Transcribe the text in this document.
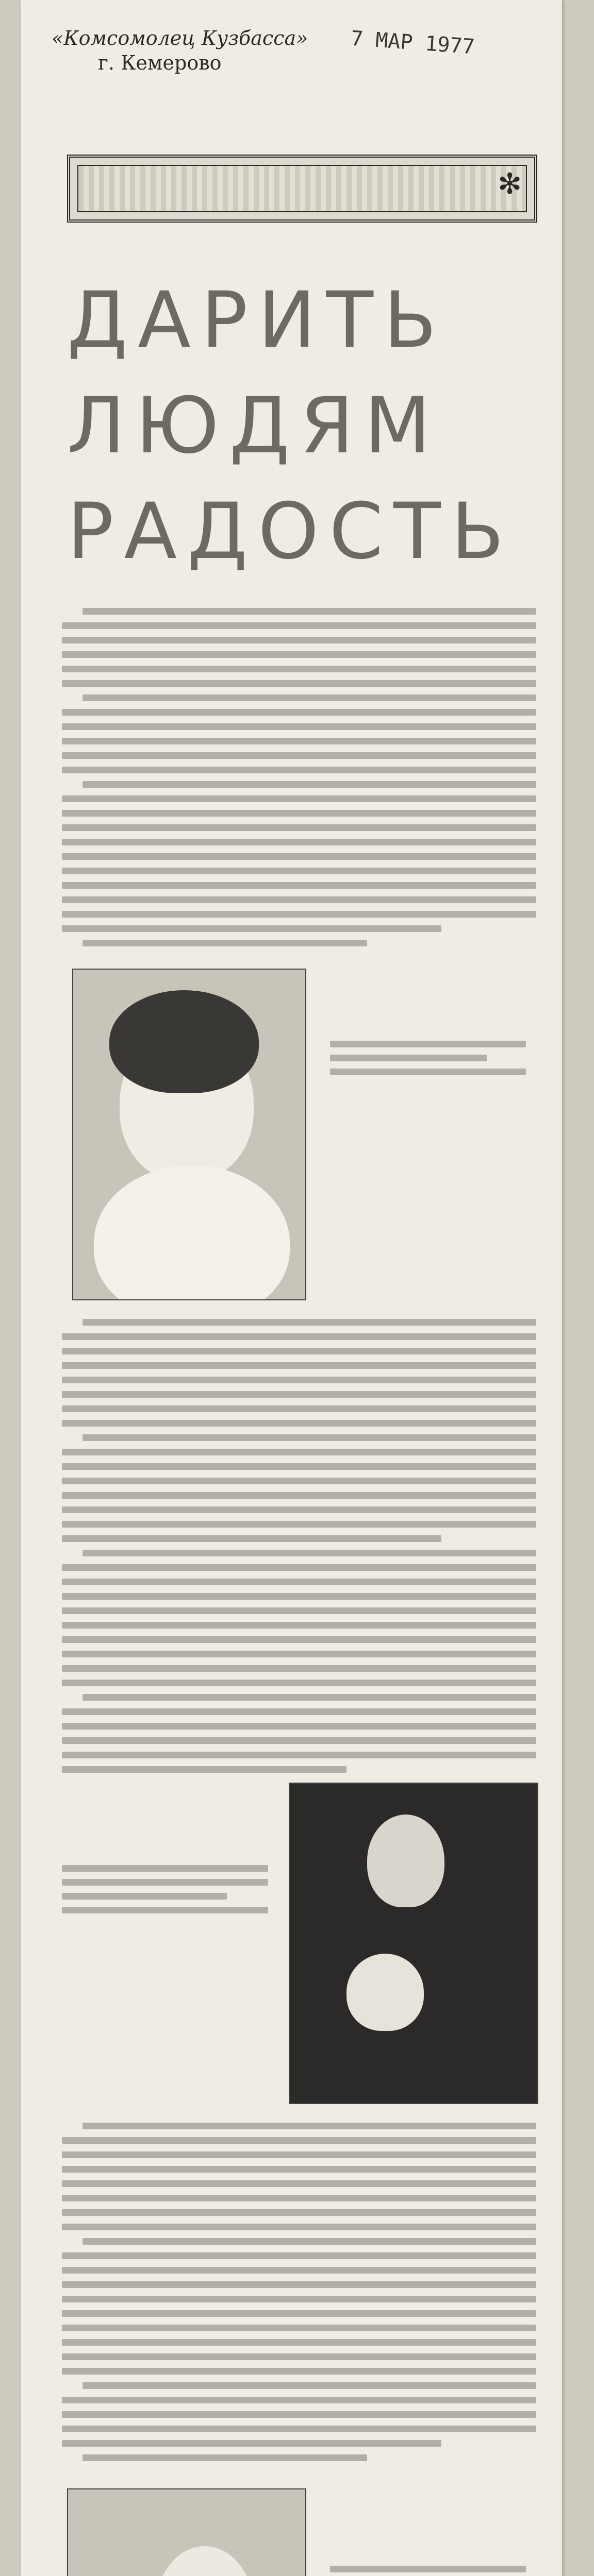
«Комсомолец Кузбасса»
г. Кемерово
7 МАР 1977
✻
ДАРИТЬ
ЛЮДЯМ
РАДОСТЬ
